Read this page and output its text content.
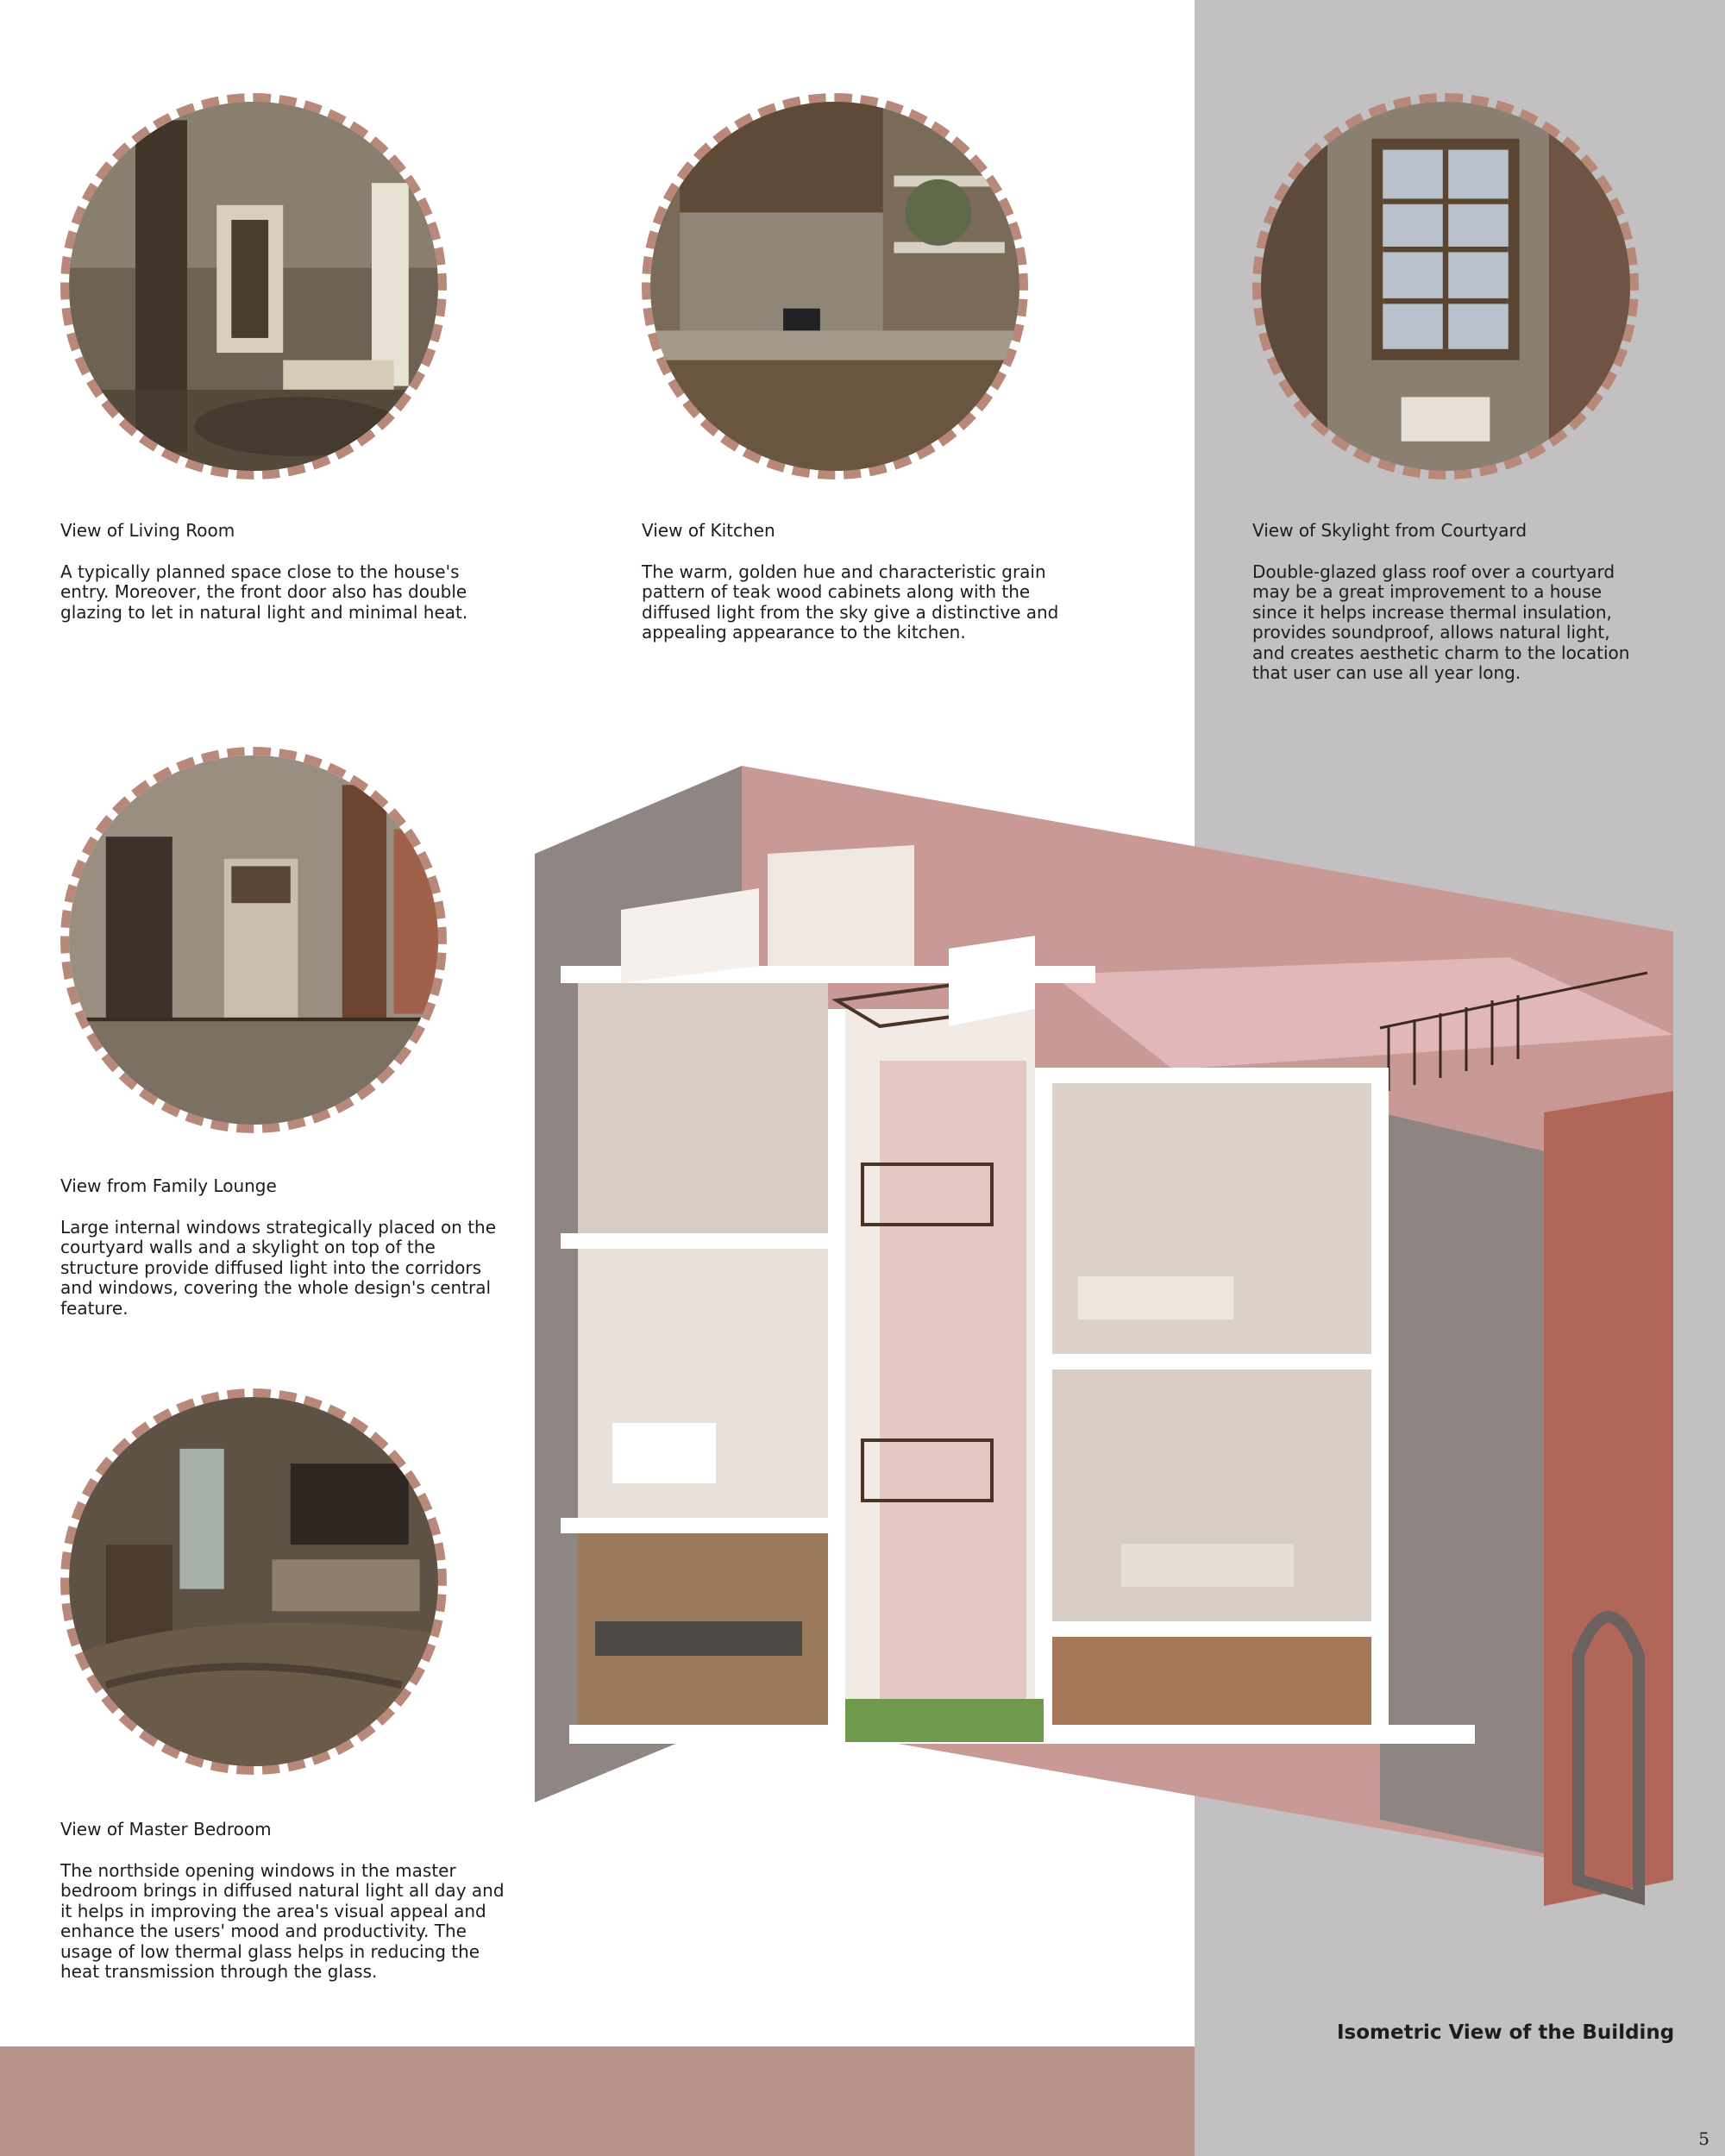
View of Living Room

A typically planned space close to the house's entry. Moreover, the front door also has double glazing to let in natural light and minimal heat.

View of Kitchen

The warm, golden hue and characteristic grain pattern of teak wood cabinets along with the diffused light from the sky give a distinctive and appealing appearance to the kitchen.

View of Skylight from Courtyard

Double-glazed glass roof over a courtyard may be a great improvement to a house since it helps increase thermal insulation, provides soundproof, allows natural light, and creates aesthetic charm to the location that user can use all year long.

View from Family Lounge

Large internal windows strategically placed on the courtyard walls and a skylight on top of the structure provide diffused light into the corridors and windows, covering the whole design's central feature.

View of Master Bedroom

The northside opening windows in the master bedroom brings in diffused natural light all day and it helps in improving the area's visual appeal and enhance the users' mood and productivity. The usage of low thermal glass helps in reducing the heat transmission through the glass.

Isometric View of the Building
5
